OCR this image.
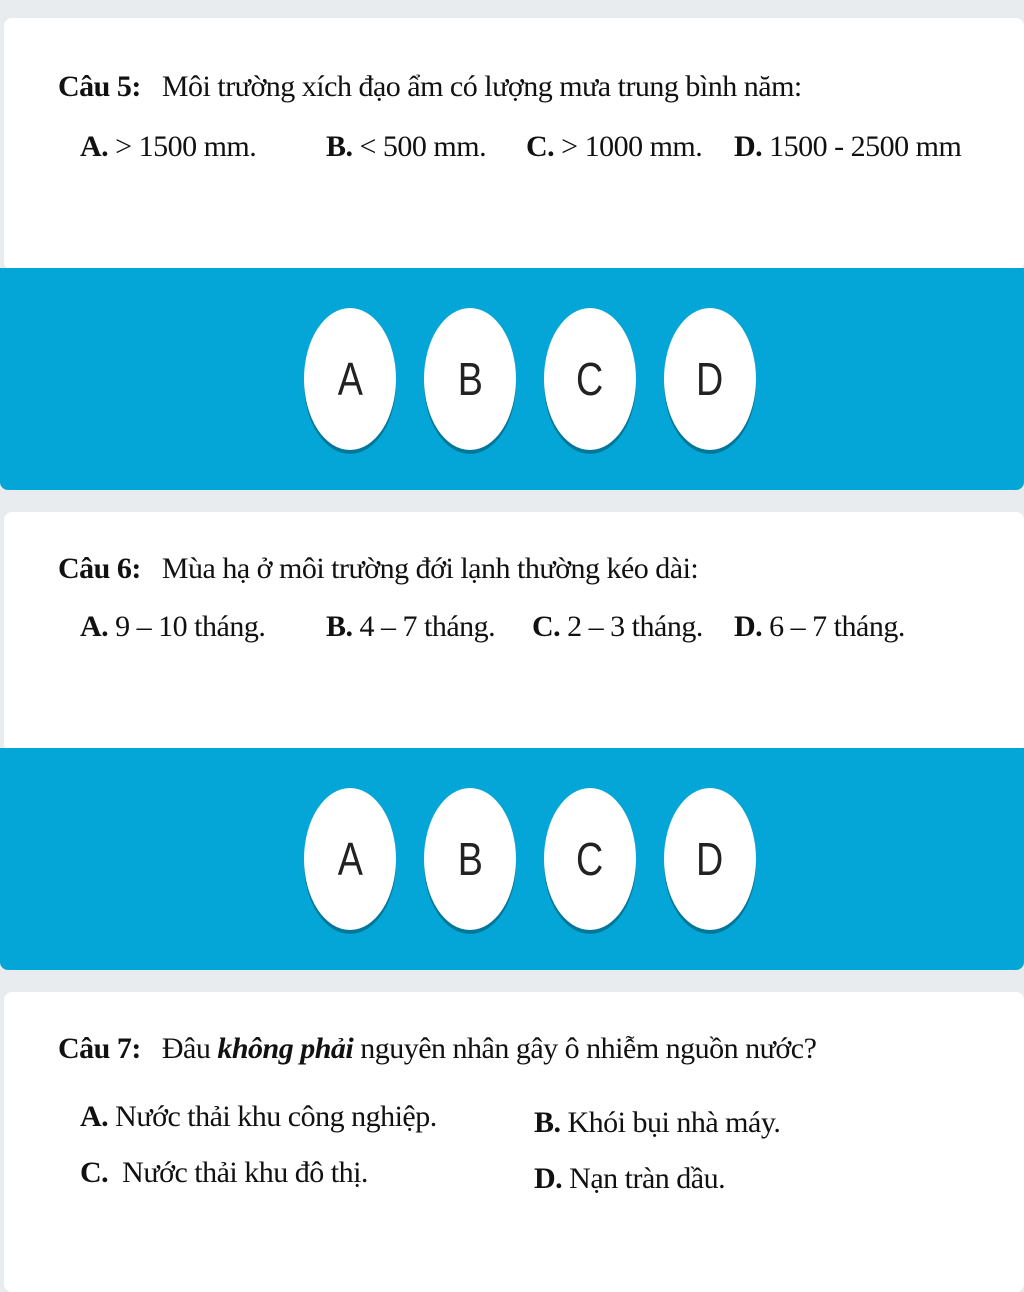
Câu 5: Môi trường xích đạo ẩm có lượng mưa trung bình năm:
A. > 1500 mm. B. < 500 mm. C. > 1000 mm. D. 1500 - 2500 mm
A B C D
Câu 6: Mùa hạ ở môi trường đới lạnh thường kéo dài:
A. 9 – 10 tháng. B. 4 – 7 tháng. C. 2 – 3 tháng. D. 6 – 7 tháng.
A B C D
Câu 7: Đâu không phải nguyên nhân gây ô nhiễm nguồn nước?
A. Nước thải khu công nghiệp.	B. Khói bụi nhà máy.
C.  Nước thải khu đô thị.	D. Nạn tràn dầu.
